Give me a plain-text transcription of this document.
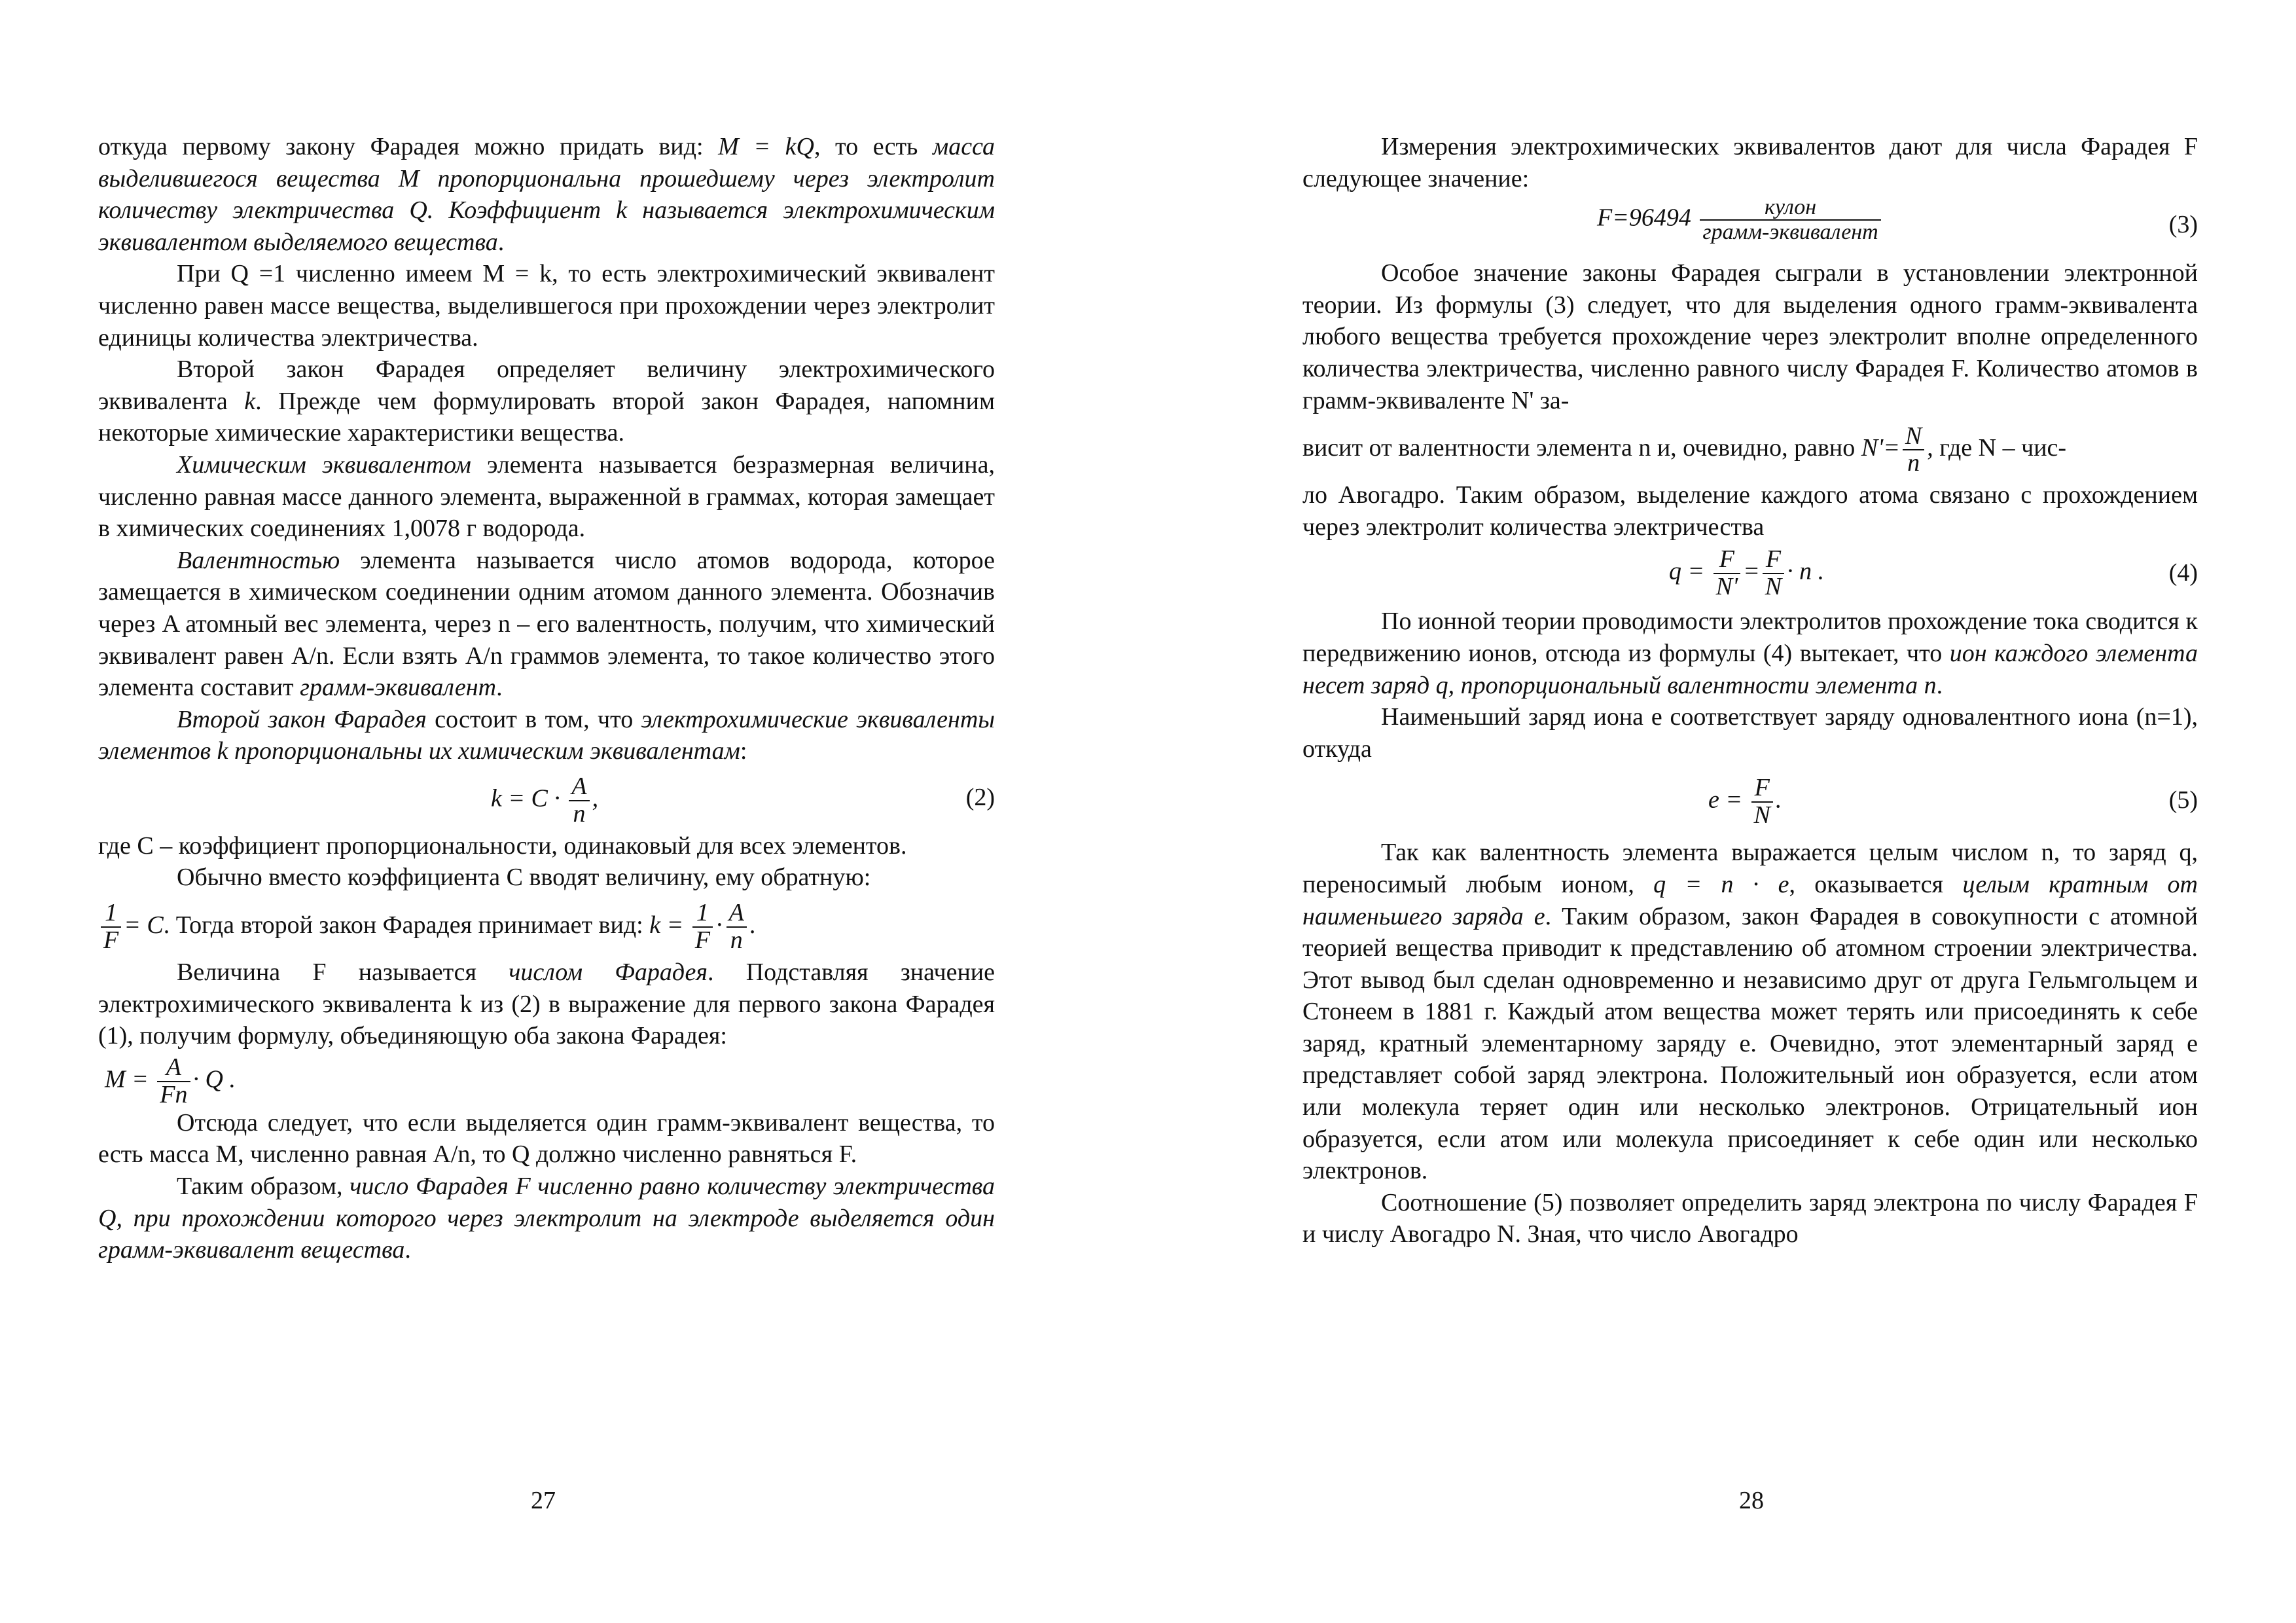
откуда первому закону Фарадея можно придать вид: M = kQ, то есть масса выделившегося вещества M пропорциональна прошедшему через электролит количеству электричества Q. Коэффициент k называется электрохимическим эквивалентом выделяемого вещества.

При Q =1 численно имеем M = k, то есть электрохимический эквивалент численно равен массе вещества, выделившегося при прохождении через электролит единицы количества электричества.

Второй закон Фарадея определяет величину электрохимического эквивалента k. Прежде чем формулировать второй закон Фарадея, напомним некоторые химические характеристики вещества.

Химическим эквивалентом элемента называется безразмерная величина, численно равная массе данного элемента, выраженной в граммах, которая замещает в химических соединениях 1,0078 г водорода.

Валентностью элемента называется число атомов водорода, которое замещается в химическом соединении одним атомом данного элемента. Обозначив через A атомный вес элемента, через n – его валентность, получим, что химический эквивалент равен A/n. Если взять A/n граммов элемента, то такое количество этого элемента составит грамм-эквивалент.

Второй закон Фарадея состоит в том, что электрохимические эквиваленты элементов k пропорциональны их химическим эквивалентам:

$k = C \cdot \frac{A}{n}$ ,	(2)

где C – коэффициент пропорциональности, одинаковый для всех элементов.

Обычно вместо коэффициента C вводят величину, ему обратную:

$\frac{1}{F} = C$. Тогда второй закон Фарадея принимает вид: $k = \frac{1}{F} \cdot \frac{A}{n}$ .

Величина F называется числом Фарадея. Подставляя значение электрохимического эквивалента k из (2) в выражение для первого закона Фарадея (1), получим формулу, объединяющую оба закона Фарадея:

$M = \frac{A}{Fn} \cdot Q$ .

Отсюда следует, что если выделяется один грамм-эквивалент вещества, то есть масса M, численно равная A/n, то Q должно численно равняться F.

Таким образом, число Фарадея F численно равно количеству электричества Q, при прохождении которого через электролит на электроде выделяется один грамм-эквивалент вещества.

27

Измерения электрохимических эквивалентов дают для числа Фарадея F следующее значение:

$F=96494 \frac{\text{кулон}}{\text{грамм-эквивалент}}$	(3)

Особое значение законы Фарадея сыграли в установлении электронной теории. Из формулы (3) следует, что для выделения одного грамм-эквивалента любого вещества требуется прохождение через электролит вполне определенного количества электричества, численно равного числу Фарадея F. Количество атомов в грамм-эквиваленте N' за-

висит от валентности элемента n и, очевидно, равно $N'= \frac{N}{n}$ , где N – чис-

ло Авогадро. Таким образом, выделение каждого атома связано с прохождением через электролит количества электричества

$q = \frac{F}{N'} = \frac{F}{N} \cdot n$ .	(4)

По ионной теории проводимости электролитов прохождение тока сводится к передвижению ионов, отсюда из формулы (4) вытекает, что ион каждого элемента несет заряд q, пропорциональный валентности элемента n.

Наименьший заряд иона e соответствует заряду одновалентного иона (n=1), откуда

$e = \frac{F}{N}$ .	(5)

Так как валентность элемента выражается целым числом n, то заряд q, переносимый любым ионом, q = n · e, оказывается целым кратным от наименьшего заряда e. Таким образом, закон Фарадея в совокупности с атомной теорией вещества приводит к представлению об атомном строении электричества. Этот вывод был сделан одновременно и независимо друг от друга Гельмгольцем и Стонеем в 1881 г. Каждый атом вещества может терять или присоединять к себе заряд, кратный элементарному заряду e. Очевидно, этот элементарный заряд e представляет собой заряд электрона. Положительный ион образуется, если атом или молекула теряет один или несколько электронов. Отрицательный ион образуется, если атом или молекула присоединяет к себе один или несколько электронов.

Соотношение (5) позволяет определить заряд электрона по числу Фарадея F и числу Авогадро N. Зная, что число Авогадро

28
